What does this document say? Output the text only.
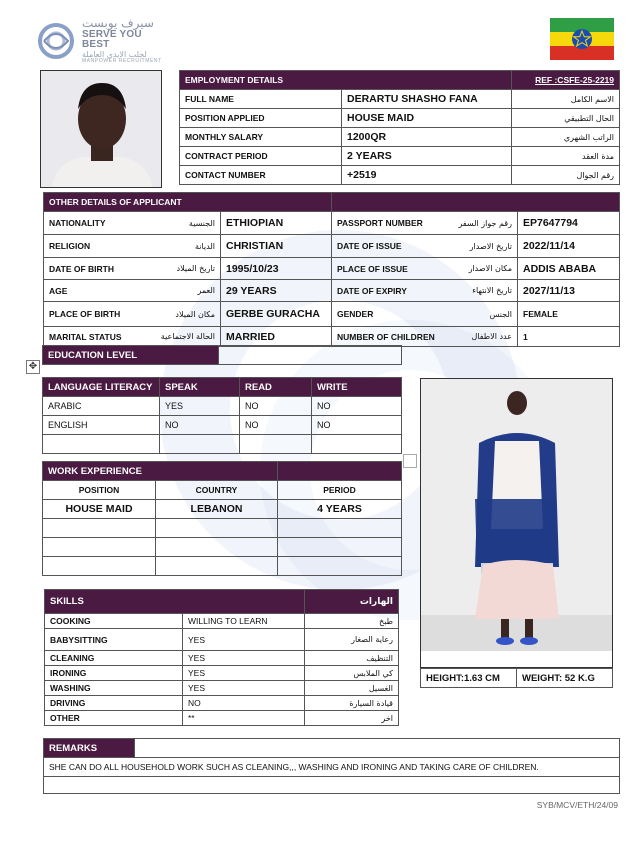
سيرف يوبست
SERVE YOU BEST
لجلب الايدي العاملة
MANPOWER RECRUITMENT
EMPLOYMENT DETAILS		REF :CSFE-25-2219
FULL NAME	DERARTU SHASHO FANA	الاسم الكامل
POSITION APPLIED	HOUSE MAID	الحال التطبيقي
MONTHLY SALARY	1200QR	الراتب الشهري
CONTRACT PERIOD	2 YEARS	مدة العقد
CONTACT NUMBER	+2519	رقم الجوال
OTHER DETAILS OF APPLICANT			

NATIONALITY الجنسية	ETHIOPIAN	PASSPORT NUMBER رقم جواز السفر	EP7647794

RELIGION الديانة	CHRISTIAN	DATE OF ISSUE تاريخ الاصدار	2022/11/14

DATE OF BIRTH تاريخ الميلاد	1995/10/23	PLACE OF ISSUE مكان الاصدار	ADDIS ABABA

AGE العمر	29 YEARS	DATE OF EXPIRY تاريخ الانتهاء	2027/11/13

PLACE OF BIRTH مكان الميلاد	GERBE GURACHA	GENDER الجنس	FEMALE

MARITAL STATUS الحالة الاجتماعية	MARRIED	NUMBER OF CHILDREN عدد الاطفال	1
EDUCATION LEVEL	
✥
LANGUAGE LITERACY	SPEAK	READ	WRITE
ARABIC	YES	NO	NO
ENGLISH	NO	NO	NO

WORK EXPERIENCE		
POSITION	COUNTRY	PERIOD
HOUSE MAID	LEBANON	4 YEARS

HEIGHT:1.63 CM	WEIGHT: 52 K.G
SKILLS		الهارات
COOKING	WILLING TO LEARN	طبخ
BABYSITTING	YES	رعاية الصغار
CLEANING	YES	التنظيف
IRONING	YES	كي الملابس
WASHING	YES	الغسيل
DRIVING	NO	قيادة السيارة
OTHER	**	اخر
REMARKS	
SHE CAN DO ALL HOUSEHOLD WORK SUCH AS CLEANING,,, WASHING AND IRONING AND TAKING CARE OF CHILDREN.

SYB/MCV/ETH/24/09
